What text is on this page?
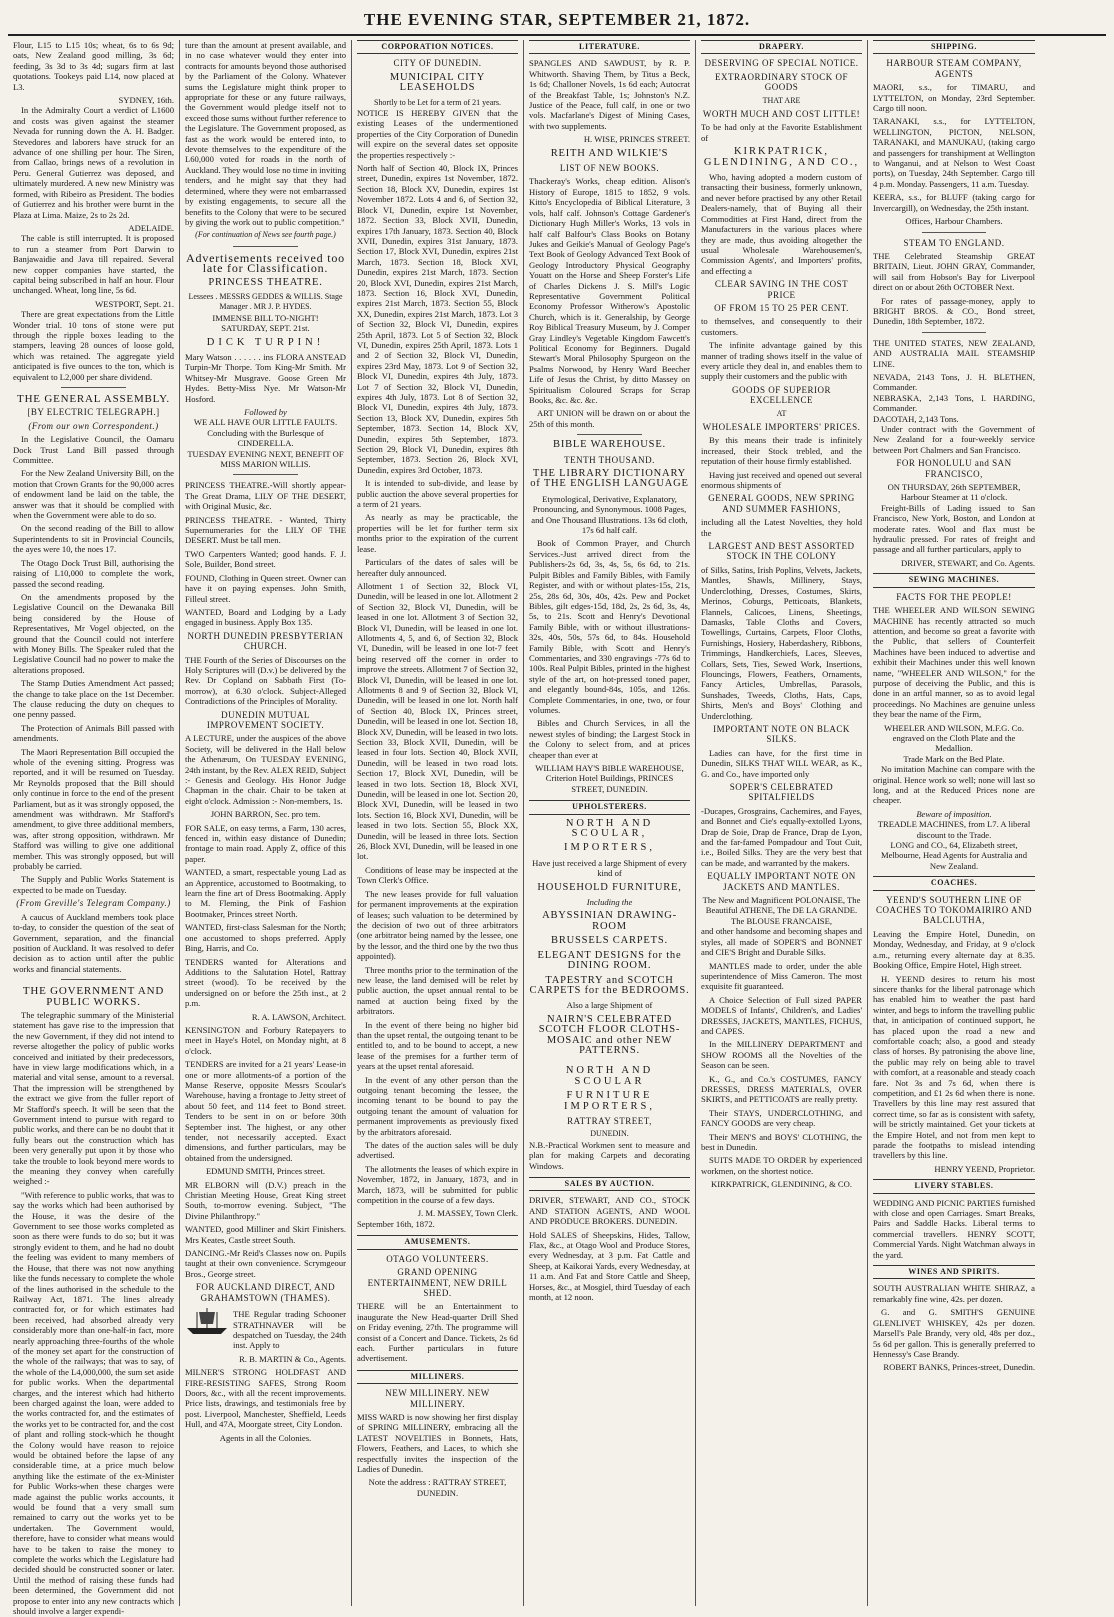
THE EVENING STAR, SEPTEMBER 21, 1872.

Flour, L15 to L15 10s; wheat, 6s to 6s 9d; oats, New Zealand good milling, 3s 6d; feeding, 3s 3d to 3s 4d; sugars firm at last quotations. Tookeys paid L14, now placed at L3.

SYDNEY, 16th.

In the Admiralty Court a verdict of L1600 and costs was given against the steamer Nevada for running down the A. H. Badger. Stevedores and laborers have struck for an advance of one shilling per hour. The Siren, from Callao, brings news of a revolution in Peru. General Gutierrez was deposed, and ultimately murdered. A new new Ministry was formed, with Ribeiro as President. The bodies of Gutierrez and his brother were burnt in the Plaza at Lima. Maize, 2s to 2s 2d.

ADELAIDE.

The cable is still interrupted. It is proposed to run a steamer from Port Darwin to Banjawaidie and Java till repaired. Several new copper companies have started, the capital being subscribed in half an hour. Flour unchanged. Wheat, long line, 5s 6d.

WESTPORT, Sept. 21.

There are great expectations from the Little Wonder trial. 10 tons of stone were put through the ripple boxes leading to the stampers, leaving 28 ounces of loose gold, which was retained. The aggregate yield anticipated is five ounces to the ton, which is equivalent to L2,000 per share dividend.

THE GENERAL ASSEMBLY.
[BY ELECTRIC TELEGRAPH.]
(From our own Correspondent.)

In the Legislative Council, the Oamaru Dock Trust Land Bill passed through Committee.

For the New Zealand University Bill, on the motion that Crown Grants for the 90,000 acres of endowment land be laid on the table, the answer was that it should be complied with when the Government were able to do so.

On the second reading of the Bill to allow Superintendents to sit in Provincial Councils, the ayes were 10, the noes 17.

The Otago Dock Trust Bill, authorising the raising of L10,000 to complete the work, passed the second reading.

On the amendments proposed by the Legislative Council on the Dewanaka Bill being considered by the House of Representatives, Mr Vogel objected, on the ground that the Council could not interfere with Money Bills. The Speaker ruled that the Legislative Council had no power to make the alterations proposed.

The Stamp Duties Amendment Act passed; the change to take place on the 1st December. The clause reducing the duty on cheques to one penny passed.

The Protection of Animals Bill passed with amendments.

The Maori Representation Bill occupied the whole of the evening sitting. Progress was reported, and it will be resumed on Tuesday. Mr Reynolds proposed that the Bill should only continue in force to the end of the present Parliament, but as it was strongly opposed, the amendment was withdrawn. Mr Stafford's amendment, to give three additional members, was, after strong opposition, withdrawn. Mr Stafford was willing to give one additional member. This was strongly opposed, but will probably be carried.

The Supply and Public Works Statement is expected to be made on Tuesday.

(From Greville's Telegram Company.)

A caucus of Auckland members took place to-day, to consider the question of the seat of Government, separation, and the financial position of Auckland. It was resolved to defer decision as to action until after the public works and financial statements.

THE GOVERNMENT AND PUBLIC WORKS.

The telegraphic summary of the Ministerial statement has gave rise to the impression that the new Government, if they did not intend to reverse altogether the policy of public works conceived and initiated by their predecessors, have in view large modifications which, in a material and vital sense, amount to a reversal. That the impression will be strengthened by the extract we give from the fuller report of Mr Stafford's speech. It will be seen that the Government intend to pursue with regard to public works, and there can be no doubt that it fully bears out the construction which has been very generally put upon it by those who take the trouble to look beyond mere words to the meaning they convey when carefully weighed :-

"With reference to public works, that was to say the works which had been authorised by the House, it was the desire of the Government to see those works completed as soon as there were funds to do so; but it was strongly evident to them, and he had no doubt the feeling was evident to many members of the House, that there was not now anything like the funds necessary to complete the whole of the lines authorised in the schedule to the Railway Act, 1871. The lines already contracted for, or for which estimates had been received, had absorbed already very considerably more than one-half-in fact, more nearly approaching three-fourths of the whole of the money set apart for the construction of the whole of the railways; that was to say, of the whole of the L4,000,000, the sum set aside for public works. When the departmental charges, and the interest which had hitherto been charged against the loan, were added to the works contracted for, and the estimates of the works yet to be contracted for, and the cost of plant and rolling stock-which he thought the Colony would have reason to rejoice would be obtained before the lapse of any considerable time, at a price much below anything like the estimate of the ex-Minister for Public Works-when these charges were made against the public works accounts, it would be found that a very small sum remained to carry out the works yet to be undertaken. The Government would, therefore, have to consider what means would have to be taken to raise the money to complete the works which the Legislature had decided should be constructed sooner or later. Until the method of raising these funds had been determined, the Government did not propose to enter into any new contracts which should involve a larger expendi-

ture than the amount at present available, and in no case whatever would they enter into contracts for amounts beyond those authorised by the Parliament of the Colony. Whatever sums the Legislature might think proper to appropriate for these or any future railways, the Government would pledge itself not to exceed those sums without further reference to the Legislature. The Government proposed, as fast as the work would be entered into, to devote themselves to the expenditure of the L60,000 voted for roads in the north of Auckland. They would lose no time in inviting tenders, and he might say that they had determined, where they were not embarrassed by existing engagements, to secure all the benefits to the Colony that were to be secured by giving the work out to public competition."

(For continuation of News see fourth page.)
Advertisements received too late for Classification.
PRINCESS THEATRE.
Lessees . MESSRS GEDDES & WILLIS. Stage Manager . MR J. P. HYDES.
IMMENSE BILL TO-NIGHT!
SATURDAY, SEPT. 21st.
DICK TURPIN!

Mary Watson . . . . . . ins FLORA ANSTEAD Turpin-Mr Thorpe. Tom King-Mr Smith. Mr Whitsey-Mr Musgrave. Goose Green Mr Hydes. Betty-Miss Nye. Mr Watson-Mr Hosford.

Followed by
WE ALL HAVE OUR LITTLE FAULTS.
Concluding with the Burlesque of CINDERELLA.
TUESDAY EVENING NEXT, BENEFIT OF MISS MARION WILLIS.

PRINCESS THEATRE.-Will shortly appear-The Great Drama, LILY OF THE DESERT, with Original Music, &c.

PRINCESS THEATRE. - Wanted, Thirty Supernumeraries for the LILY OF THE DESERT. Must be tall men.

TWO Carpenters Wanted; good hands. F. J. Sole, Builder, Bond street.

FOUND, Clothing in Queen street. Owner can have it on paying expenses. John Smith, Filleul street.

WANTED, Board and Lodging by a Lady engaged in business. Apply Box 135.

NORTH DUNEDIN PRESBYTERIAN CHURCH.

THE Fourth of the Series of Discourses on the Holy Scriptures will (D.v.) be delivered by the Rev. Dr Copland on Sabbath First (To-morrow), at 6.30 o'clock. Subject-Alleged Contradictions of the Principles of Morality.

DUNEDIN MUTUAL IMPROVEMENT SOCIETY.

A LECTURE, under the auspices of the above Society, will be delivered in the Hall below the Athenæum, On TUESDAY EVENING, 24th instant, by the Rev. ALEX REID, Subject :- Genesis and Geology. His Honor Judge Chapman in the chair. Chair to be taken at eight o'clock. Admission :- Non-members, 1s.

JOHN BARRON, Sec. pro tem.

FOR SALE, on easy terms, a Farm, 130 acres, fenced in, within easy distance of Dunedin; frontage to main road. Apply Z, office of this paper.

WANTED, a smart, respectable young Lad as an Apprentice, accustomed to Bootmaking, to learn the fine art of Dress Bootmaking. Apply to M. Fleming, the Pink of Fashion Bootmaker, Princes street North.

WANTED, first-class Salesman for the North; one accustomed to shops preferred. Apply Bing, Harris, and Co.

TENDERS wanted for Alterations and Additions to the Salutation Hotel, Rattray street (wood). To be received by the undersigned on or before the 25th inst., at 2 p.m.

R. A. LAWSON, Architect.

KENSINGTON and Forbury Ratepayers to meet in Haye's Hotel, on Monday night, at 8 o'clock.

TENDERS are invited for a 21 years' Lease-in one or more allotments-of a portion of the Manse Reserve, opposite Messrs Scoular's Warehouse, having a frontage to Jetty street of about 50 feet, and 114 feet to Bond street. Tenders to be sent in on or before 30th September inst. The highest, or any other tender, not necessarily accepted. Exact dimensions, and further particulars, may be obtained from the undersigned.

EDMUND SMITH, Princes street.

MR ELBORN will (D.V.) preach in the Christian Meeting House, Great King street South, to-morrow evening. Subject, "The Divine Philanthropy."

WANTED, good Milliner and Skirt Finishers. Mrs Keates, Castle street South.

DANCING.-Mr Reid's Classes now on. Pupils taught at their own convenience. Scrymgeour Bros., George street.

FOR AUCKLAND DIRECT, AND GRAHAMSTOWN (THAMES).

THE Regular trading Schooner STRATHNAVER will be despatched on Tuesday, the 24th inst. Apply to

R. B. MARTIN & Co., Agents.

MILNER'S STRONG HOLDFAST AND FIRE-RESISTING SAFES, Strong Room Doors, &c., with all the recent improvements. Price lists, drawings, and testimonials free by post. Liverpool, Manchester, Sheffield, Leeds Hull, and 47A, Moorgate street, City London.

Agents in all the Colonies.
CORPORATION NOTICES.
CITY OF DUNEDIN.
MUNICIPAL CITY LEASEHOLDS
Shortly to be Let for a term of 21 years.

NOTICE IS HEREBY GIVEN that the existing Leases of the undermentioned properties of the City Corporation of Dunedin will expire on the several dates set opposite the properties respectively :-

North half of Section 40, Block IX, Princes street, Dunedin, expires 1st November, 1872. Section 18, Block XV, Dunedin, expires 1st November 1872. Lots 4 and 6, of Section 32, Block VI, Dunedin, expire 1st November, 1872. Section 33, Block XVII, Dunedin, expires 17th January, 1873. Section 40, Block XVII, Dunedin, expires 31st January, 1873. Section 17, Block XVI, Dunedin, expires 21st March, 1873. Section 18, Block XVI, Dunedin, expires 21st March, 1873. Section 20, Block XVI, Dunedin, expires 21st March, 1873. Section 16, Block XVI, Dunedin, expires 21st March, 1873. Section 55, Block XX, Dunedin, expires 21st March, 1873. Lot 3 of Section 32, Block VI, Dunedin, expires 25th April, 1873. Lot 5 of Section 32, Block VI, Dunedin, expires 25th April, 1873. Lots 1 and 2 of Section 32, Block VI, Dunedin, expires 23rd May, 1873. Lot 9 of Section 32, Block VI, Dunedin, expires 4th July, 1873. Lot 7 of Section 32, Block VI, Dunedin, expires 4th July, 1873. Lot 8 of Section 32, Block VI, Dunedin, expires 4th July, 1873. Section 13, Block XV, Dunedin, expires 5th September, 1873. Section 14, Block XV, Dunedin, expires 5th September, 1873. Section 29, Block VI, Dunedin, expires 8th September, 1873. Section 26, Block XVI, Dunedin, expires 3rd October, 1873.

It is intended to sub-divide, and lease by public auction the above several properties for a term of 21 years.

As nearly as may be practicable, the properties will be let for further term six months prior to the expiration of the current lease.

Particulars of the dates of sales will be hereafter duly announced.

Allotment 1 of Section 32, Block VI, Dunedin, will be leased in one lot. Allotment 2 of Section 32, Block VI, Dunedin, will be leased in one lot. Allotment 3 of Section 32, Block VI, Dunedin, will be leased in one lot. Allotments 4, 5, and 6, of Section 32, Block VI, Dunedin, will be leased in one lot-7 feet being reserved off the corner in order to improve the streets. Allotment 7 of Section 32, Block VI, Dunedin, will be leased in one lot. Allotments 8 and 9 of Section 32, Block VI, Dunedin, will be leased in one lot. North half of Section 40, Block IX, Princes street, Dunedin, will be leased in one lot. Section 18, Block XV, Dunedin, will be leased in two lots. Section 33, Block XVII, Dunedin, will be leased in four lots. Section 40, Block XVII, Dunedin, will be leased in two road lots. Section 17, Block XVI, Dunedin, will be leased in two lots. Section 18, Block XVI, Dunedin, will be leased in one lot. Section 20, Block XVI, Dunedin, will be leased in two lots. Section 16, Block XVI, Dunedin, will be leased in two lots. Section 55, Block XX, Dunedin, will be leased in three lots. Section 26, Block XVI, Dunedin, will be leased in one lot.

Conditions of lease may be inspected at the Town Clerk's Office.

The new leases provide for full valuation for permanent improvements at the expiration of leases; such valuation to be determined by the decision of two out of three arbitrators (one arbitrator being named by the lessee, one by the lessor, and the third one by the two thus appointed).

Three months prior to the termination of the new lease, the land demised will be relet by public auction, the upset annual rental to be named at auction being fixed by the arbitrators.

In the event of there being no higher bid than the upset rental, the outgoing tenant to be entitled to, and to be bound to accept, a new lease of the premises for a further term of years at the upset rental aforesaid.

In the event of any other person than the outgoing tenant becoming the lessee, the incoming tenant to be bound to pay the outgoing tenant the amount of valuation for permanent improvements as previously fixed by the arbitrators aforesaid.

The dates of the auction sales will be duly advertised.

The allotments the leases of which expire in November, 1872, in January, 1873, and in March, 1873, will be submitted for public competition in the course of a few days.

J. M. MASSEY, Town Clerk.
September 16th, 1872.
AMUSEMENTS.
OTAGO VOLUNTEERS.
GRAND OPENING ENTERTAINMENT, NEW DRILL SHED.

THERE will be an Entertainment to inaugurate the New Head-quarter Drill Shed on Friday evening, 27th. The programme will consist of a Concert and Dance. Tickets, 2s 6d each. Further particulars in future advertisement.

MILLINERS.
NEW MILLINERY. NEW MILLINERY.

MISS WARD is now showing her first display of SPRING MILLINERY, embracing all the LATEST NOVELTIES in Bonnets, Hats, Flowers, Feathers, and Laces, to which she respectfully invites the inspection of the Ladies of Dunedin.

Note the address : RATTRAY STREET, DUNEDIN.
LITERATURE.

SPANGLES AND SAWDUST, by R. P. Whitworth. Shaving Them, by Titus a Beck, 1s 6d; Challoner Novels, 1s 6d each; Autocrat of the Breakfast Table, 1s; Johnston's N.Z. Justice of the Peace, full calf, in one or two vols. Macfarlane's Digest of Mining Cases, with two supplements.

H. WISE, PRINCES STREET.
REITH AND WILKIE'S
LIST OF NEW BOOKS.

Thackeray's Works, cheap edition. Alison's History of Europe, 1815 to 1852, 9 vols. Kitto's Encyclopedia of Biblical Literature, 3 vols, half calf. Johnson's Cottage Gardener's Dictionary Hugh Miller's Works, 13 vols in half calf Balfour's Class Books on Botany Jukes and Geikie's Manual of Geology Page's Text Book of Geology Advanced Text Book of Geology Introductory Physical Geography Youatt on the Horse and Sheep Forster's Life of Charles Dickens J. S. Mill's Logic Representative Government Political Economy Professor Witherow's Apostolic Church, which is it. Generalship, by George Roy Biblical Treasury Museum, by J. Comper Gray Lindley's Vegetable Kingdom Fawcett's Political Economy for Beginners. Dugald Stewart's Moral Philosophy Spurgeon on the Psalms Norwood, by Henry Ward Beecher Life of Jesus the Christ, by ditto Massey on Spiritualism Coloured Scraps for Scrap Books, &c. &c. &c.

ART UNION will be drawn on or about the 25th of this month.

BIBLE WAREHOUSE.
TENTH THOUSAND.
THE LIBRARY DICTIONARY of THE ENGLISH LANGUAGE

Etymological, Derivative, Explanatory, Pronouncing, and Synonymous. 1008 Pages, and One Thousand Illustrations. 13s 6d cloth, 17s 6d half calf.

Book of Common Prayer, and Church Services.-Just arrived direct from the Publishers-2s 6d, 3s, 4s, 5s, 6s 6d, to 21s. Pulpit Bibles and Family Bibles, with Family Register, and with or without plates-15s, 21s, 25s, 28s 6d, 30s, 40s, 42s. Pew and Pocket Bibles, gilt edges-15d, 18d, 2s, 2s 6d, 3s, 4s, 5s, to 21s. Scott and Henry's Devotional Family Bible, with or without illustrations-32s, 40s, 50s, 57s 6d, to 84s. Household Family Bible, with Scott and Henry's Commentaries, and 330 engravings -77s 6d to 100s. Real Pulpit Bibles, printed in the highest style of the art, on hot-pressed toned paper, and elegantly bound-84s, 105s, and 126s. Complete Commentaries, in one, two, or four volumes.

Bibles and Church Services, in all the newest styles of binding; the Largest Stock in the Colony to select from, and at prices cheaper than ever at

WILLIAM HAY'S BIBLE WAREHOUSE, Criterion Hotel Buildings, PRINCES STREET, DUNEDIN.
UPHOLSTERERS.
NORTH AND SCOULAR,
IMPORTERS,
Have just received a large Shipment of every kind of
HOUSEHOLD FURNITURE,
Including the
ABYSSINIAN DRAWING-ROOM
BRUSSELS CARPETS.
ELEGANT DESIGNS for the DINING ROOM.
TAPESTRY and SCOTCH CARPETS for the BEDROOMS.
Also a large Shipment of
NAIRN'S CELEBRATED SCOTCH FLOOR CLOTHS-MOSAIC and other NEW PATTERNS.
NORTH AND SCOULAR
FURNITURE IMPORTERS,
RATTRAY STREET,
DUNEDIN.

N.B.-Practical Workmen sent to measure and plan for making Carpets and decorating Windows.

SALES BY AUCTION.

DRIVER, STEWART, AND CO., STOCK AND STATION AGENTS, AND WOOL AND PRODUCE BROKERS. DUNEDIN.

Hold SALES of Sheepskins, Hides, Tallow, Flax, &c., at Otago Wool and Produce Stores, every Wednesday, at 3 p.m. Fat Cattle and Sheep, at Kaikorai Yards, every Wednesday, at 11 a.m. And Fat and Store Cattle and Sheep, Horses, &c., at Mosgiel, third Tuesday of each month, at 12 noon.

DRAPERY.
DESERVING OF SPECIAL NOTICE.
EXTRAORDINARY STOCK OF GOODS
THAT ARE
WORTH MUCH AND COST LITTLE!

To be had only at the Favorite Establishment of

KIRKPATRICK, GLENDINING, AND CO.,

Who, having adopted a modern custom of transacting their business, formerly unknown, and never before practised by any other Retail Dealers-namely, that of Buying all their Commodities at First Hand, direct from the Manufacturers in the various places where they are made, thus avoiding altogether the usual Wholesale Warehousemen's, Commission Agents', and Importers' profits, and effecting a

CLEAR SAVING IN THE COST PRICE
OF FROM 15 TO 25 PER CENT.

to themselves, and consequently to their customers.

The infinite advantage gained by this manner of trading shows itself in the value of every article they deal in, and enables them to supply their customers and the public with

GOODS OF SUPERIOR EXCELLENCE
AT
WHOLESALE IMPORTERS' PRICES.

By this means their trade is infinitely increased, their Stock trebled, and the reputation of their house firmly established.

Having just received and opened out several enormous shipments of

GENERAL GOODS, NEW SPRING AND SUMMER FASHIONS,

including all the Latest Novelties, they hold the

LARGEST AND BEST ASSORTED STOCK IN THE COLONY

of Silks, Satins, Irish Poplins, Velvets, Jackets, Mantles, Shawls, Millinery, Stays, Underclothing, Dresses, Costumes, Skirts, Merinos, Coburgs, Petticoats, Blankets, Flannels, Calicoes, Linens, Sheetings, Damasks, Table Cloths and Covers, Towellings, Curtains, Carpets, Floor Cloths, Furnishings, Hosiery, Haberdashery, Ribbons, Trimmings, Handkerchiefs, Laces, Sleeves, Collars, Sets, Ties, Sewed Work, Insertions, Flouncings, Flowers, Feathers, Ornaments, Fancy Articles, Umbrellas, Parasols, Sunshades, Tweeds, Cloths, Hats, Caps, Shirts, Men's and Boys' Clothing and Underclothing.

IMPORTANT NOTE ON BLACK SILKS.

Ladies can have, for the first time in Dunedin, SILKS THAT WILL WEAR, as K., G. and Co., have imported only

SOPER'S CELEBRATED SPITALFIELDS

-Ducapes, Grosgrains, Cachemires, and Fayes, and Bonnet and Cie's equally-extolled Lyons, Drap de Soie, Drap de France, Drap de Lyon, and the far-famed Pompadour and Tout Cuit, i.e., Boiled Silks. They are the very best that can be made, and warranted by the makers.

EQUALLY IMPORTANT NOTE ON JACKETS AND MANTLES.
The New and Magnificent POLONAISE, The Beautiful ATHENE, The DE LA GRANDE. The BLOUSE FRANCAISE,

and other handsome and becoming shapes and styles, all made of SOPER'S and BONNET and CIE'S Bright and Durable Silks.

MANTLES made to order, under the able superintendence of Miss Cameron. The most exquisite fit guaranteed.

A Choice Selection of Full sized PAPER MODELS of Infants', Children's, and Ladies' DRESSES, JACKETS, MANTLES, FICHUS, and CAPES.

In the MILLINERY DEPARTMENT and SHOW ROOMS all the Novelties of the Season can be seen.

K., G., and Co.'s COSTUMES, FANCY DRESSES, DRESS MATERIALS, OVER SKIRTS, and PETTICOATS are really pretty.

Their STAYS, UNDERCLOTHING, and FANCY GOODS are very cheap.

Their MEN'S and BOYS' CLOTHING, the best in Dunedin.

SUITS MADE TO ORDER by experienced workmen, on the shortest notice.

KIRKPATRICK, GLENDINING, & CO.
SHIPPING.
HARBOUR STEAM COMPANY, AGENTS

MAORI, s.s., for TIMARU, and LYTTELTON, on Monday, 23rd September. Cargo till noon.

TARANAKI, s.s., for LYTTELTON, WELLINGTON, PICTON, NELSON, TARANAKI, and MANUKAU, (taking cargo and passengers for transhipment at Wellington to Wanganui, and at Nelson to West Coast ports), on Tuesday, 24th September. Cargo till 4 p.m. Monday. Passengers, 11 a.m. Tuesday.

KEERA, s.s., for BLUFF (taking cargo for Invercargill), on Wednesday, the 25th instant.

Offices, Harbour Chambers.
STEAM TO ENGLAND.

THE Celebrated Steamship GREAT BRITAIN, Lieut. JOHN GRAY, Commander, will sail from Hobson's Bay for Liverpool direct on or about 26th OCTOBER Next.

For rates of passage-money, apply to BRIGHT BROS. & CO., Bond street, Dunedin, 18th September, 1872.

THE UNITED STATES, NEW ZEALAND, AND AUSTRALIA MAIL STEAMSHIP LINE.

NEVADA, 2143 Tons, J. H. BLETHEN, Commander.
NEBRASKA, 2,143 Tons, I. HARDING, Commander.
DACOTAH, 2,143 Tons.

Under contract with the Government of New Zealand for a four-weekly service between Port Chalmers and San Francisco.

FOR HONOLULU and SAN FRANCISCO,
ON THURSDAY, 26th SEPTEMBER, Harbour Steamer at 11 o'clock.

Freight-Bills of Lading issued to San Francisco, New York, Boston, and London at moderate rates. Wool and flax must be hydraulic pressed. For rates of freight and passage and all further particulars, apply to

DRIVER, STEWART, and Co. Agents.
SEWING MACHINES.
FACTS FOR THE PEOPLE!

THE WHEELER AND WILSON SEWING MACHINE has recently attracted so much attention, and become so great a favorite with the Public, that sellers of Counterfeit Machines have been induced to advertise and exhibit their Machines under this well known name, "WHEELER AND WILSON," for the purpose of deceiving the Public, and this is done in an artful manner, so as to avoid legal proceedings. No Machines are genuine unless they bear the name of the Firm,

WHEELER AND WILSON, M.F.G. Co. engraved on the Cloth Plate and the Medallion.
Trade Mark on the Bed Plate.

No imitation Machine can compare with the original. Hence work so well; none will last so long, and at the Reduced Prices none are cheaper.

Beware of imposition.
TREADLE MACHINES, from L7. A liberal discount to the Trade.
LONG and CO., 64, Elizabeth street, Melbourne, Head Agents for Australia and New Zealand.
COACHES.
YEEND'S SOUTHERN LINE OF COACHES TO TOKOMAIRIRO AND BALCLUTHA,

Leaving the Empire Hotel, Dunedin, on Monday, Wednesday, and Friday, at 9 o'clock a.m., returning every alternate day at 8.35. Booking Office, Empire Hotel, High street.

H. YEEND desires to return his most sincere thanks for the liberal patronage which has enabled him to weather the past hard winter, and begs to inform the travelling public that, in anticipation of continued support, he has placed upon the road a new and comfortable coach; also, a good and steady class of horses. By patronising the above line, the public may rely on being able to travel with comfort, at a reasonable and steady coach fare. Not 3s and 7s 6d, when there is competition, and £1 2s 6d when there is none. Travellers by this line may rest assured that correct time, so far as is consistent with safety, will be strictly maintained. Get your tickets at the Empire Hotel, and not from men kept to parade the footpaths to mislead intending travellers by this line.

HENRY YEEND, Proprietor.
LIVERY STABLES.

WEDDING AND PICNIC PARTIES furnished with close and open Carriages. Smart Breaks, Pairs and Saddle Hacks. Liberal terms to commercial travellers. HENRY SCOTT, Commercial Yards. Night Watchman always in the yard.

WINES AND SPIRITS.

SOUTH AUSTRALIAN WHITE SHIRAZ, a remarkably fine wine, 42s. per dozen.

G. and G. SMITH'S GENUINE GLENLIVET WHISKEY, 42s per dozen. Marsell's Pale Brandy, very old, 48s per doz., 5s 6d per gallon. This is generally preferred to Hennessy's Case Brandy.

ROBERT BANKS, Princes-street, Dunedin.
